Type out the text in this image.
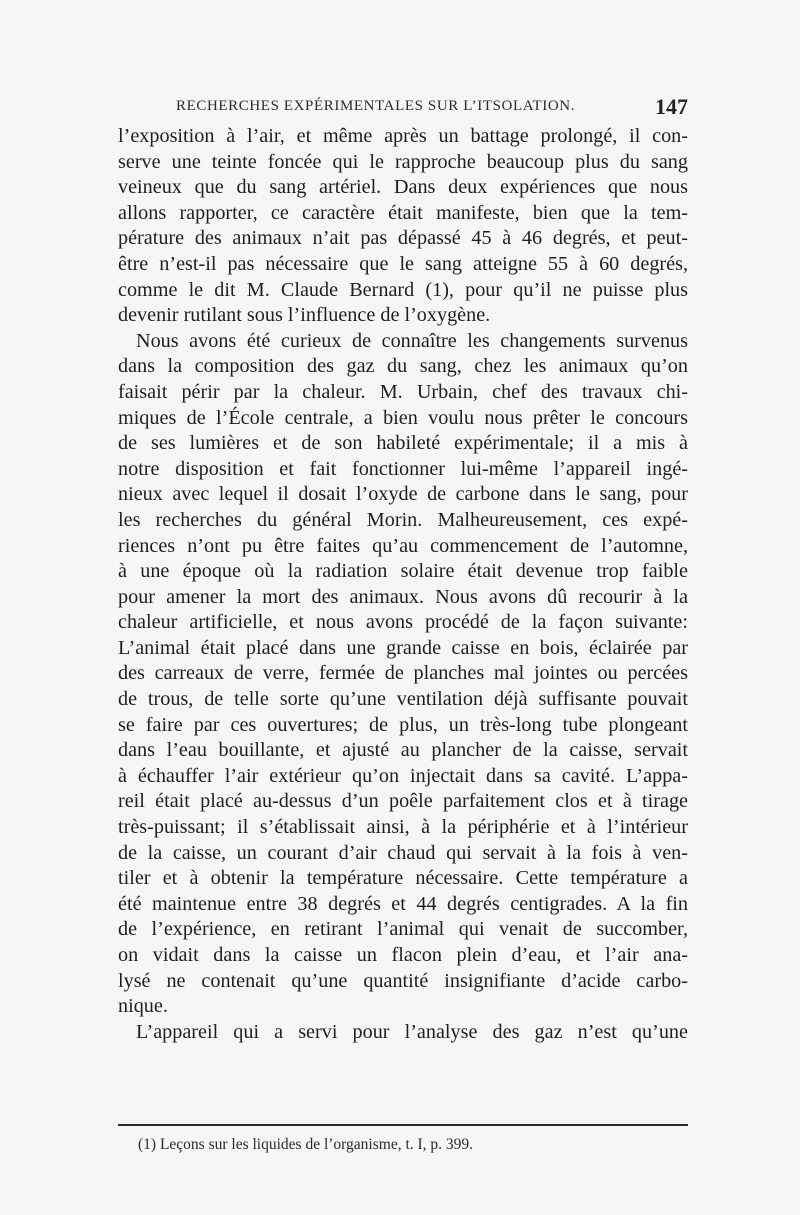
RECHERCHES EXPÉRIMENTALES SUR L’ITSOLATION.	147
l’exposition à l’air, et même après un battage prolongé, il con-
serve une teinte foncée qui le rapproche beaucoup plus du sang
veineux que du sang artériel. Dans deux expériences que nous
allons rapporter, ce caractère était manifeste, bien que la tem-
pérature des animaux n’ait pas dépassé 45 à 46 degrés, et peut-
être n’est-il pas nécessaire que le sang atteigne 55 à 60 degrés,
comme le dit M. Claude Bernard (1), pour qu’il ne puisse plus
devenir rutilant sous l’influence de l’oxygène.
Nous avons été curieux de connaître les changements survenus
dans la composition des gaz du sang, chez les animaux qu’on
faisait périr par la chaleur. M. Urbain, chef des travaux chi-
miques de l’École centrale, a bien voulu nous prêter le concours
de ses lumières et de son habileté expérimentale; il a mis à
notre disposition et fait fonctionner lui-même l’appareil ingé-
nieux avec lequel il dosait l’oxyde de carbone dans le sang, pour
les recherches du général Morin. Malheureusement, ces expé-
riences n’ont pu être faites qu’au commencement de l’automne,
à une époque où la radiation solaire était devenue trop faible
pour amener la mort des animaux. Nous avons dû recourir à la
chaleur artificielle, et nous avons procédé de la façon suivante:
L’animal était placé dans une grande caisse en bois, éclairée par
des carreaux de verre, fermée de planches mal jointes ou percées
de trous, de telle sorte qu’une ventilation déjà suffisante pouvait
se faire par ces ouvertures; de plus, un très-long tube plongeant
dans l’eau bouillante, et ajusté au plancher de la caisse, servait
à échauffer l’air extérieur qu’on injectait dans sa cavité. L’appa-
reil était placé au-dessus d’un poêle parfaitement clos et à tirage
très-puissant; il s’établissait ainsi, à la périphérie et à l’intérieur
de la caisse, un courant d’air chaud qui servait à la fois à ven-
tiler et à obtenir la température nécessaire. Cette température a
été maintenue entre 38 degrés et 44 degrés centigrades. A la fin
de l’expérience, en retirant l’animal qui venait de succomber,
on vidait dans la caisse un flacon plein d’eau, et l’air ana-
lysé ne contenait qu’une quantité insignifiante d’acide carbo-
nique.
L’appareil qui a servi pour l’analyse des gaz n’est qu’une
(1) Leçons sur les liquides de l’organisme, t. I, p. 399.
